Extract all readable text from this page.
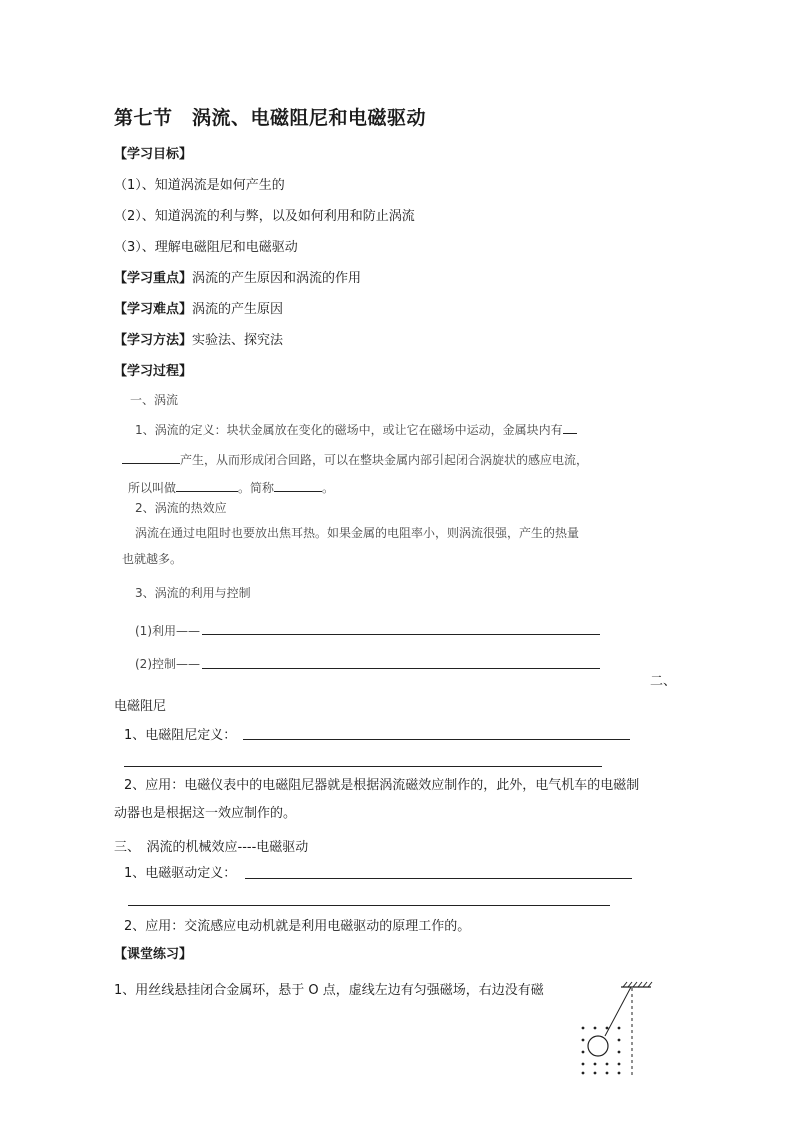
第七节　涡流、电磁阻尼和电磁驱动
【学习目标】
（1）、知道涡流是如何产生的
（2）、知道涡流的利与弊，以及如何利用和防止涡流
（3）、理解电磁阻尼和电磁驱动
【学习重点】涡流的产生原因和涡流的作用
【学习难点】涡流的产生原因
【学习方法】实验法、探究法
【学习过程】
一、涡流
1、涡流的定义：块状金属放在变化的磁场中，或让它在磁场中运动，金属块内有
产生，从而形成闭合回路，可以在整块金属内部引起闭合涡旋状的感应电流，
所以叫做	。简称	。
2、涡流的热效应
涡流在通过电阻时也要放出焦耳热。如果金属的电阻率小，则涡流很强，产生的热量
也就越多。
3、涡流的利用与控制
(1)利用——
(2)控制——
二、
电磁阻尼
1、电磁阻尼定义：
2、应用：电磁仪表中的电磁阻尼器就是根据涡流磁效应制作的，此外，电气机车的电磁制
动器也是根据这一效应制作的。
三、　涡流的机械效应----电磁驱动
1、电磁驱动定义：
2、应用：交流感应电动机就是利用电磁驱动的原理工作的。
【课堂练习】
1、用丝线悬挂闭合金属环，悬于 O 点，虚线左边有匀强磁场，右边没有磁
